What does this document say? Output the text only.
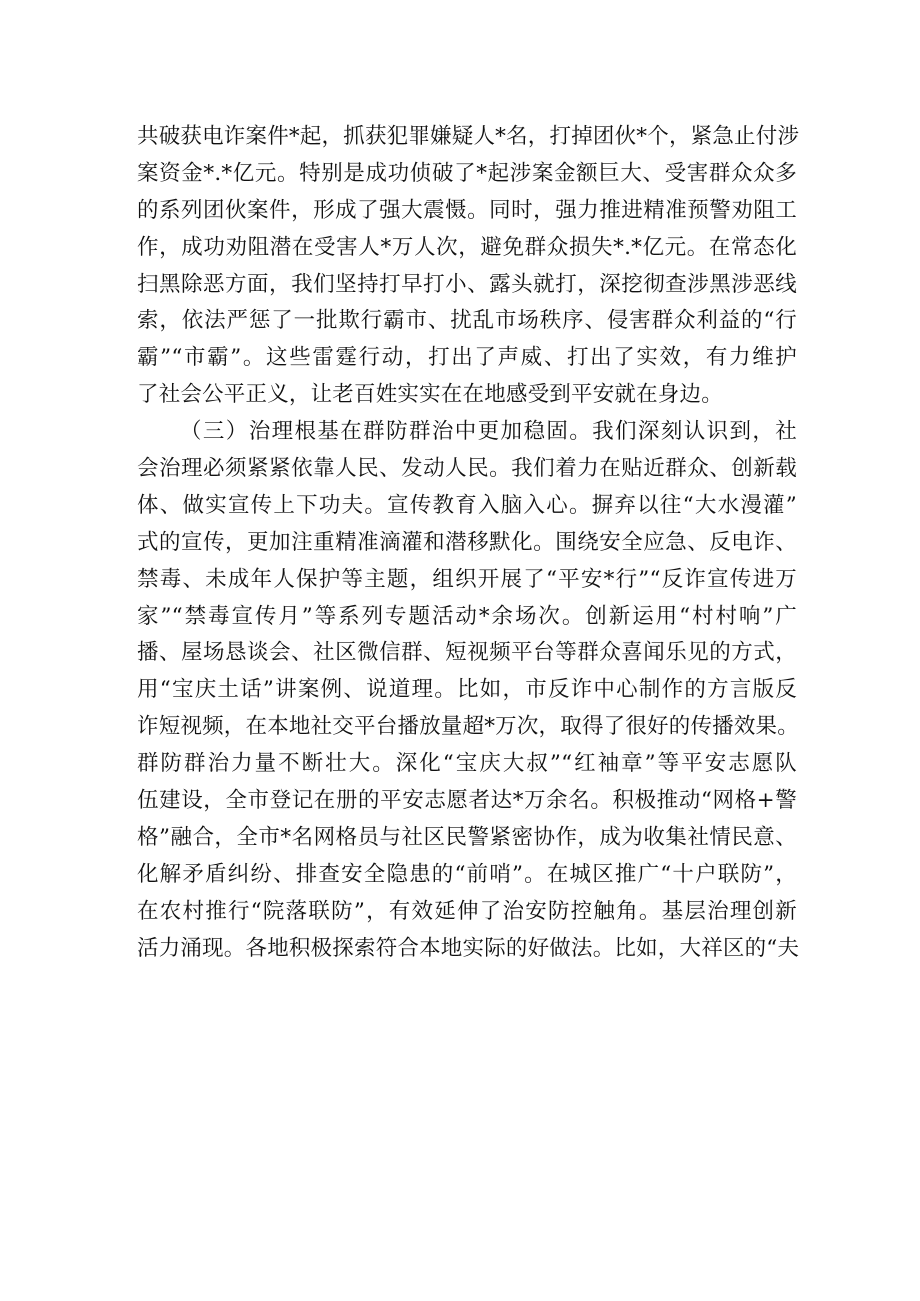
共破获电诈案件*起，抓获犯罪嫌疑人*名，打掉团伙*个，紧急止付涉
案资金*.*亿元。特别是成功侦破了*起涉案金额巨大、受害群众众多
的系列团伙案件，形成了强大震慑。同时，强力推进精准预警劝阻工
作，成功劝阻潜在受害人*万人次，避免群众损失*.*亿元。在常态化
扫黑除恶方面，我们坚持打早打小、露头就打，深挖彻查涉黑涉恶线
索，依法严惩了一批欺行霸市、扰乱市场秩序、侵害群众利益的“行
霸”“市霸”。这些雷霆行动，打出了声威、打出了实效，有力维护
了社会公平正义，让老百姓实实在在地感受到平安就在身边。
（三）治理根基在群防群治中更加稳固。我们深刻认识到，社
会治理必须紧紧依靠人民、发动人民。我们着力在贴近群众、创新载
体、做实宣传上下功夫。宣传教育入脑入心。摒弃以往“大水漫灌”
式的宣传，更加注重精准滴灌和潜移默化。围绕安全应急、反电诈、
禁毒、未成年人保护等主题，组织开展了“平安*行”“反诈宣传进万
家”“禁毒宣传月”等系列专题活动*余场次。创新运用“村村响”广
播、屋场恳谈会、社区微信群、短视频平台等群众喜闻乐见的方式，
用“宝庆土话”讲案例、说道理。比如，市反诈中心制作的方言版反
诈短视频，在本地社交平台播放量超*万次，取得了很好的传播效果。
群防群治力量不断壮大。深化“宝庆大叔”“红袖章”等平安志愿队
伍建设，全市登记在册的平安志愿者达*万余名。积极推动“网格+警
格”融合，全市*名网格员与社区民警紧密协作，成为收集社情民意、
化解矛盾纠纷、排查安全隐患的“前哨”。在城区推广“十户联防”，
在农村推行“院落联防”，有效延伸了治安防控触角。基层治理创新
活力涌现。各地积极探索符合本地实际的好做法。比如，大祥区的“夫
